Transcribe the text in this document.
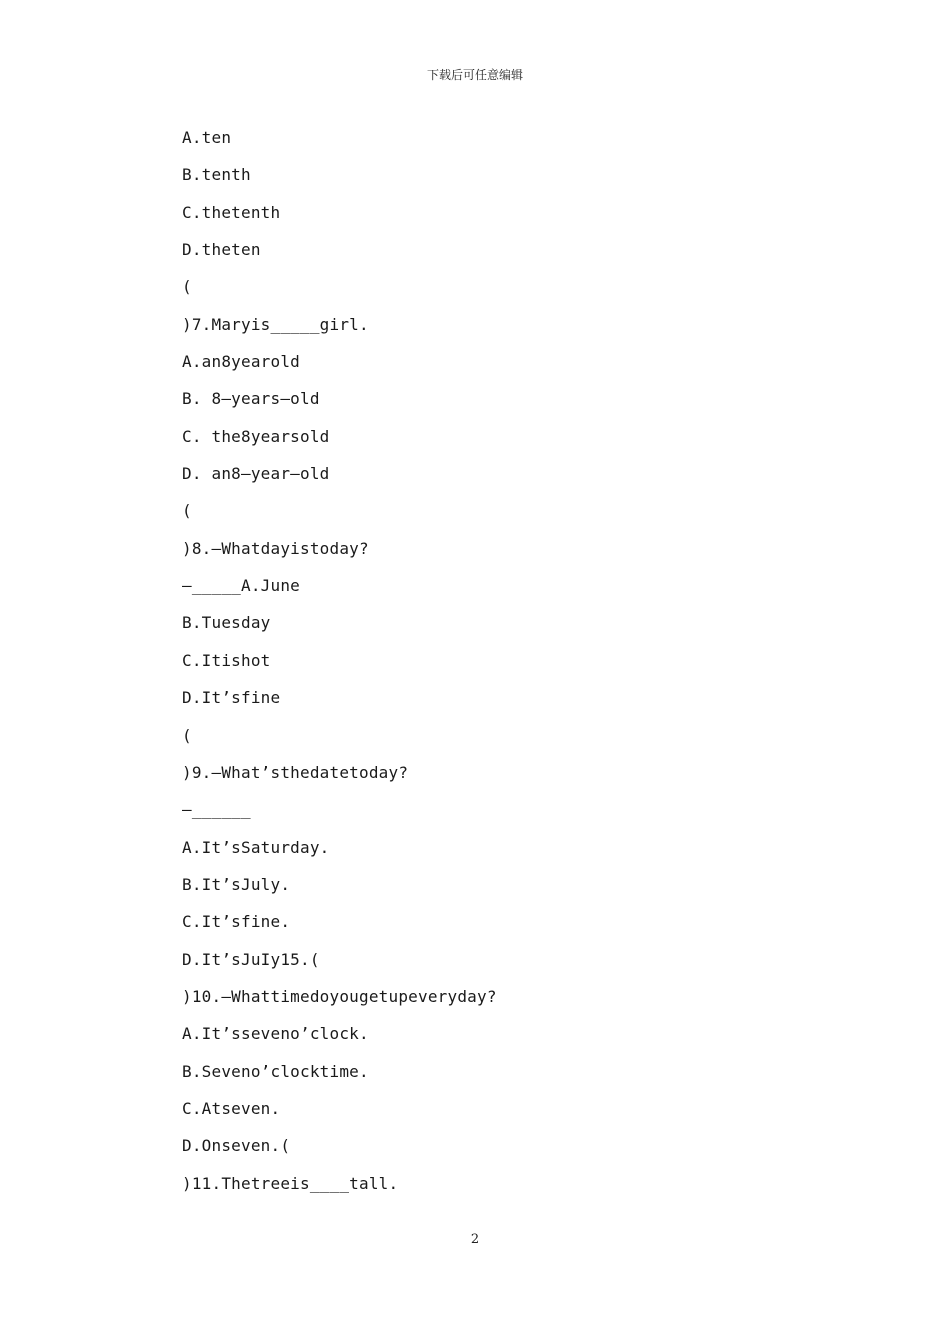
下载后可任意编辑
A.ten
B.tenth
C.thetenth
D.theten
(
)7.Maryis_____girl.
A.an8yearold
B. 8—years—old
C. the8yearsold
D. an8—year—old
(
)8.—Whatdayistoday?
—_____A.June
B.Tuesday
C.Itishot
D.It’sfine
(
)9.—What’sthedatetoday?
—______
A.It’sSaturday.
B.It’sJuly.
C.It’sfine.
D.It’sJuIy15.(
)10.—Whattimedoyougetupeveryday?
A.It’sseveno’clock.
B.Seveno’clocktime.
C.Atseven.
D.Onseven.(
)11.Thetreeis____tall.
2
